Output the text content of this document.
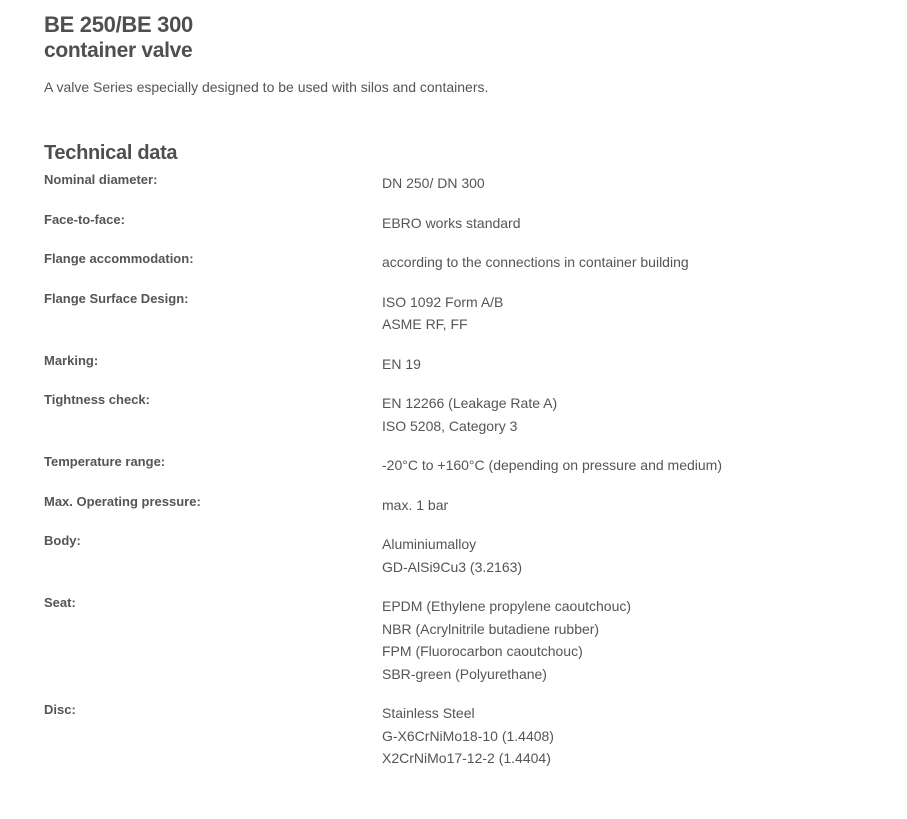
BE 250/BE 300
container valve

A valve Series especially designed to be used with silos and containers.

Technical data
Nominal diameter:	DN 250/ DN 300
Face-to-face:	EBRO works standard
Flange accommodation:	according to the connections in container building
Flange Surface Design:	ISO 1092 Form A/B
ASME RF, FF
Marking:	EN 19
Tightness check:	EN 12266 (Leakage Rate A)
ISO 5208, Category 3
Temperature range:	-20°C to +160°C (depending on pressure and medium)
Max. Operating pressure:	max. 1 bar
Body:	Aluminiumalloy
GD-AlSi9Cu3 (3.2163)
Seat:	EPDM (Ethylene propylene caoutchouc)
NBR (Acrylnitrile butadiene rubber)
FPM (Fluorocarbon caoutchouc)
SBR-green (Polyurethane)
Disc:	Stainless Steel
G-X6CrNiMo18-10 (1.4408)
X2CrNiMo17-12-2 (1.4404)
